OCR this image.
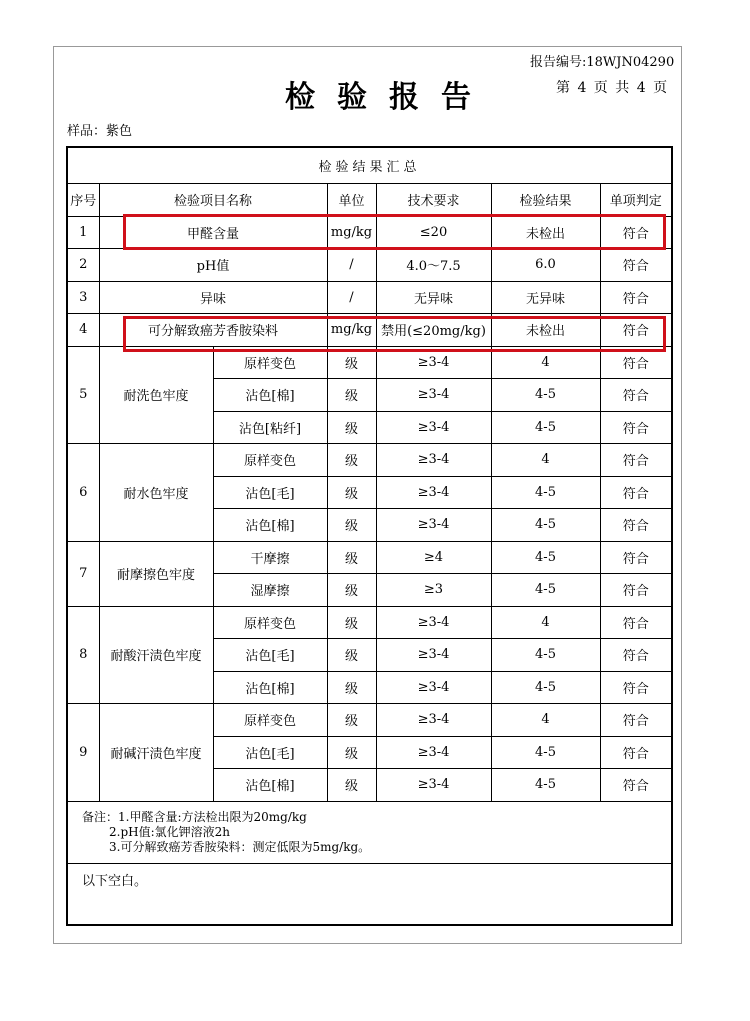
报告编号:18WJN04290
检验报告	第 4 页 共 4 页
样品：紫色
检验结果汇总						
序号	检验项目名称		单位	技术要求	检验结果	单项判定
1	甲醛含量		mg/kg	≤20	未检出	符合
2	pH值		/	4.0～7.5	6.0	符合
3	异味		/	无异味	无异味	符合
4	可分解致癌芳香胺染料		mg/kg	禁用(≤20mg/kg)	未检出	符合
5	耐洗色牢度	原样变色	级	≥3-4	4	符合
		沾色[棉]	级	≥3-4	4-5	符合
		沾色[粘纤]	级	≥3-4	4-5	符合
6	耐水色牢度	原样变色	级	≥3-4	4	符合
		沾色[毛]	级	≥3-4	4-5	符合
		沾色[棉]	级	≥3-4	4-5	符合
7	耐摩擦色牢度	干摩擦	级	≥4	4-5	符合
		湿摩擦	级	≥3	4-5	符合
8	耐酸汗渍色牢度	原样变色	级	≥3-4	4	符合
		沾色[毛]	级	≥3-4	4-5	符合
		沾色[棉]	级	≥3-4	4-5	符合
9	耐碱汗渍色牢度	原样变色	级	≥3-4	4	符合
		沾色[毛]	级	≥3-4	4-5	符合
		沾色[棉]	级	≥3-4	4-5	符合

备注：1.甲醛含量:方法检出限为20mg/kg
2.pH值:氯化钾溶液2h
3.可分解致癌芳香胺染料：测定低限为5mg/kg。						

以下空白。						
